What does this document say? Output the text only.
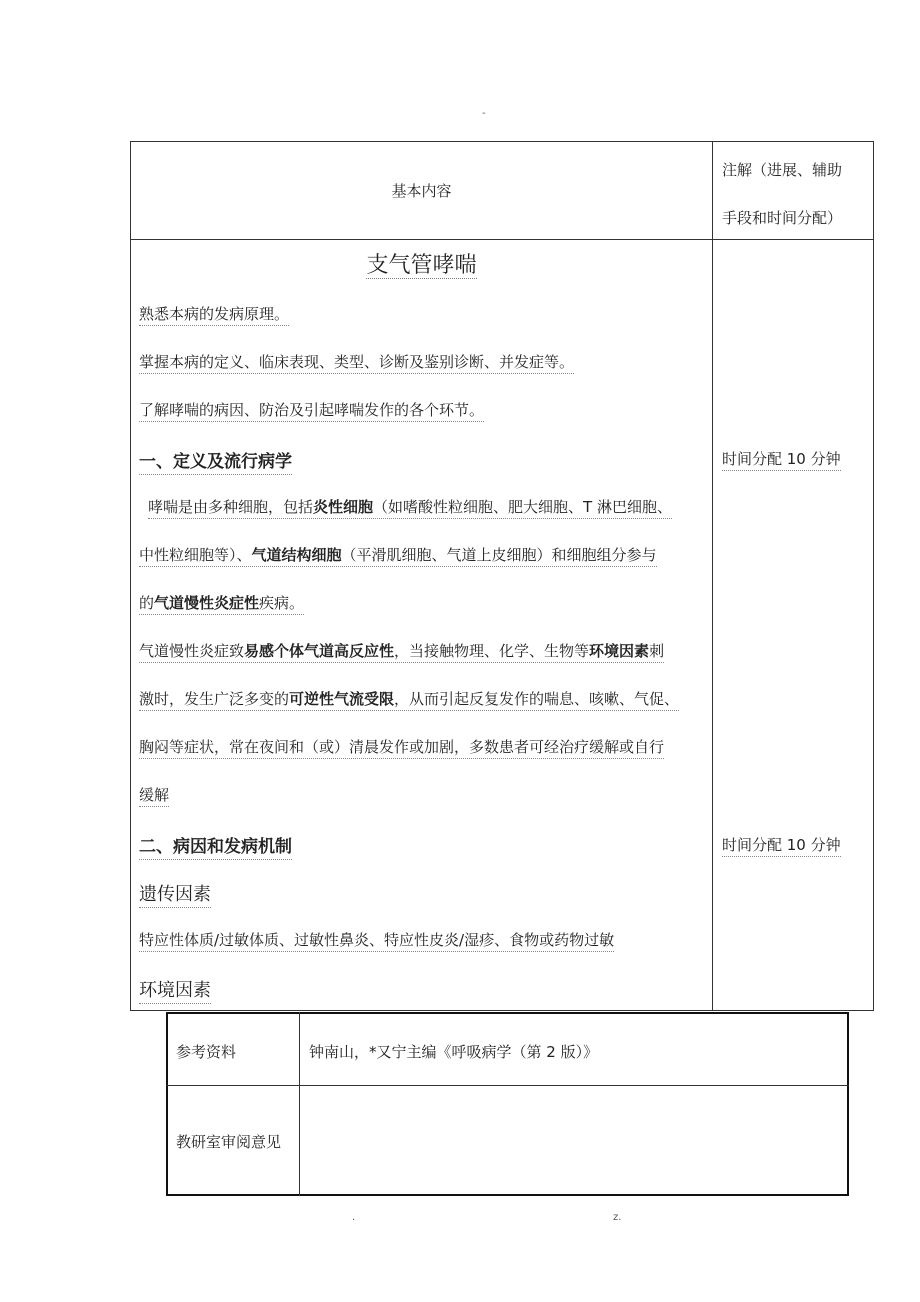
-
基本内容
注解（进展、辅助
手段和时间分配）
支气管哮喘
熟悉本病的发病原理。
掌握本病的定义、临床表现、类型、诊断及鉴别诊断、并发症等。
了解哮喘的病因、防治及引起哮喘发作的各个环节。
一、定义及流行病学	时间分配 10 分钟
哮喘是由多种细胞，包括炎性细胞（如嗜酸性粒细胞、肥大细胞、T 淋巴细胞、
中性粒细胞等）、气道结构细胞（平滑肌细胞、气道上皮细胞）和细胞组分参与
的气道慢性炎症性疾病。
气道慢性炎症致易感个体气道高反应性，当接触物理、化学、生物等环境因素刺
激时，发生广泛多变的可逆性气流受限，从而引起反复发作的喘息、咳嗽、气促、
胸闷等症状，常在夜间和（或）清晨发作或加剧，多数患者可经治疗缓解或自行
缓解
二、病因和发病机制	时间分配 10 分钟
遗传因素
特应性体质/过敏体质、过敏性鼻炎、特应性皮炎/湿疹、食物或药物过敏
环境因素
参考资料	钟南山，*又宁主编《呼吸病学（第 2 版）》
教研室审阅意见
.	z.
